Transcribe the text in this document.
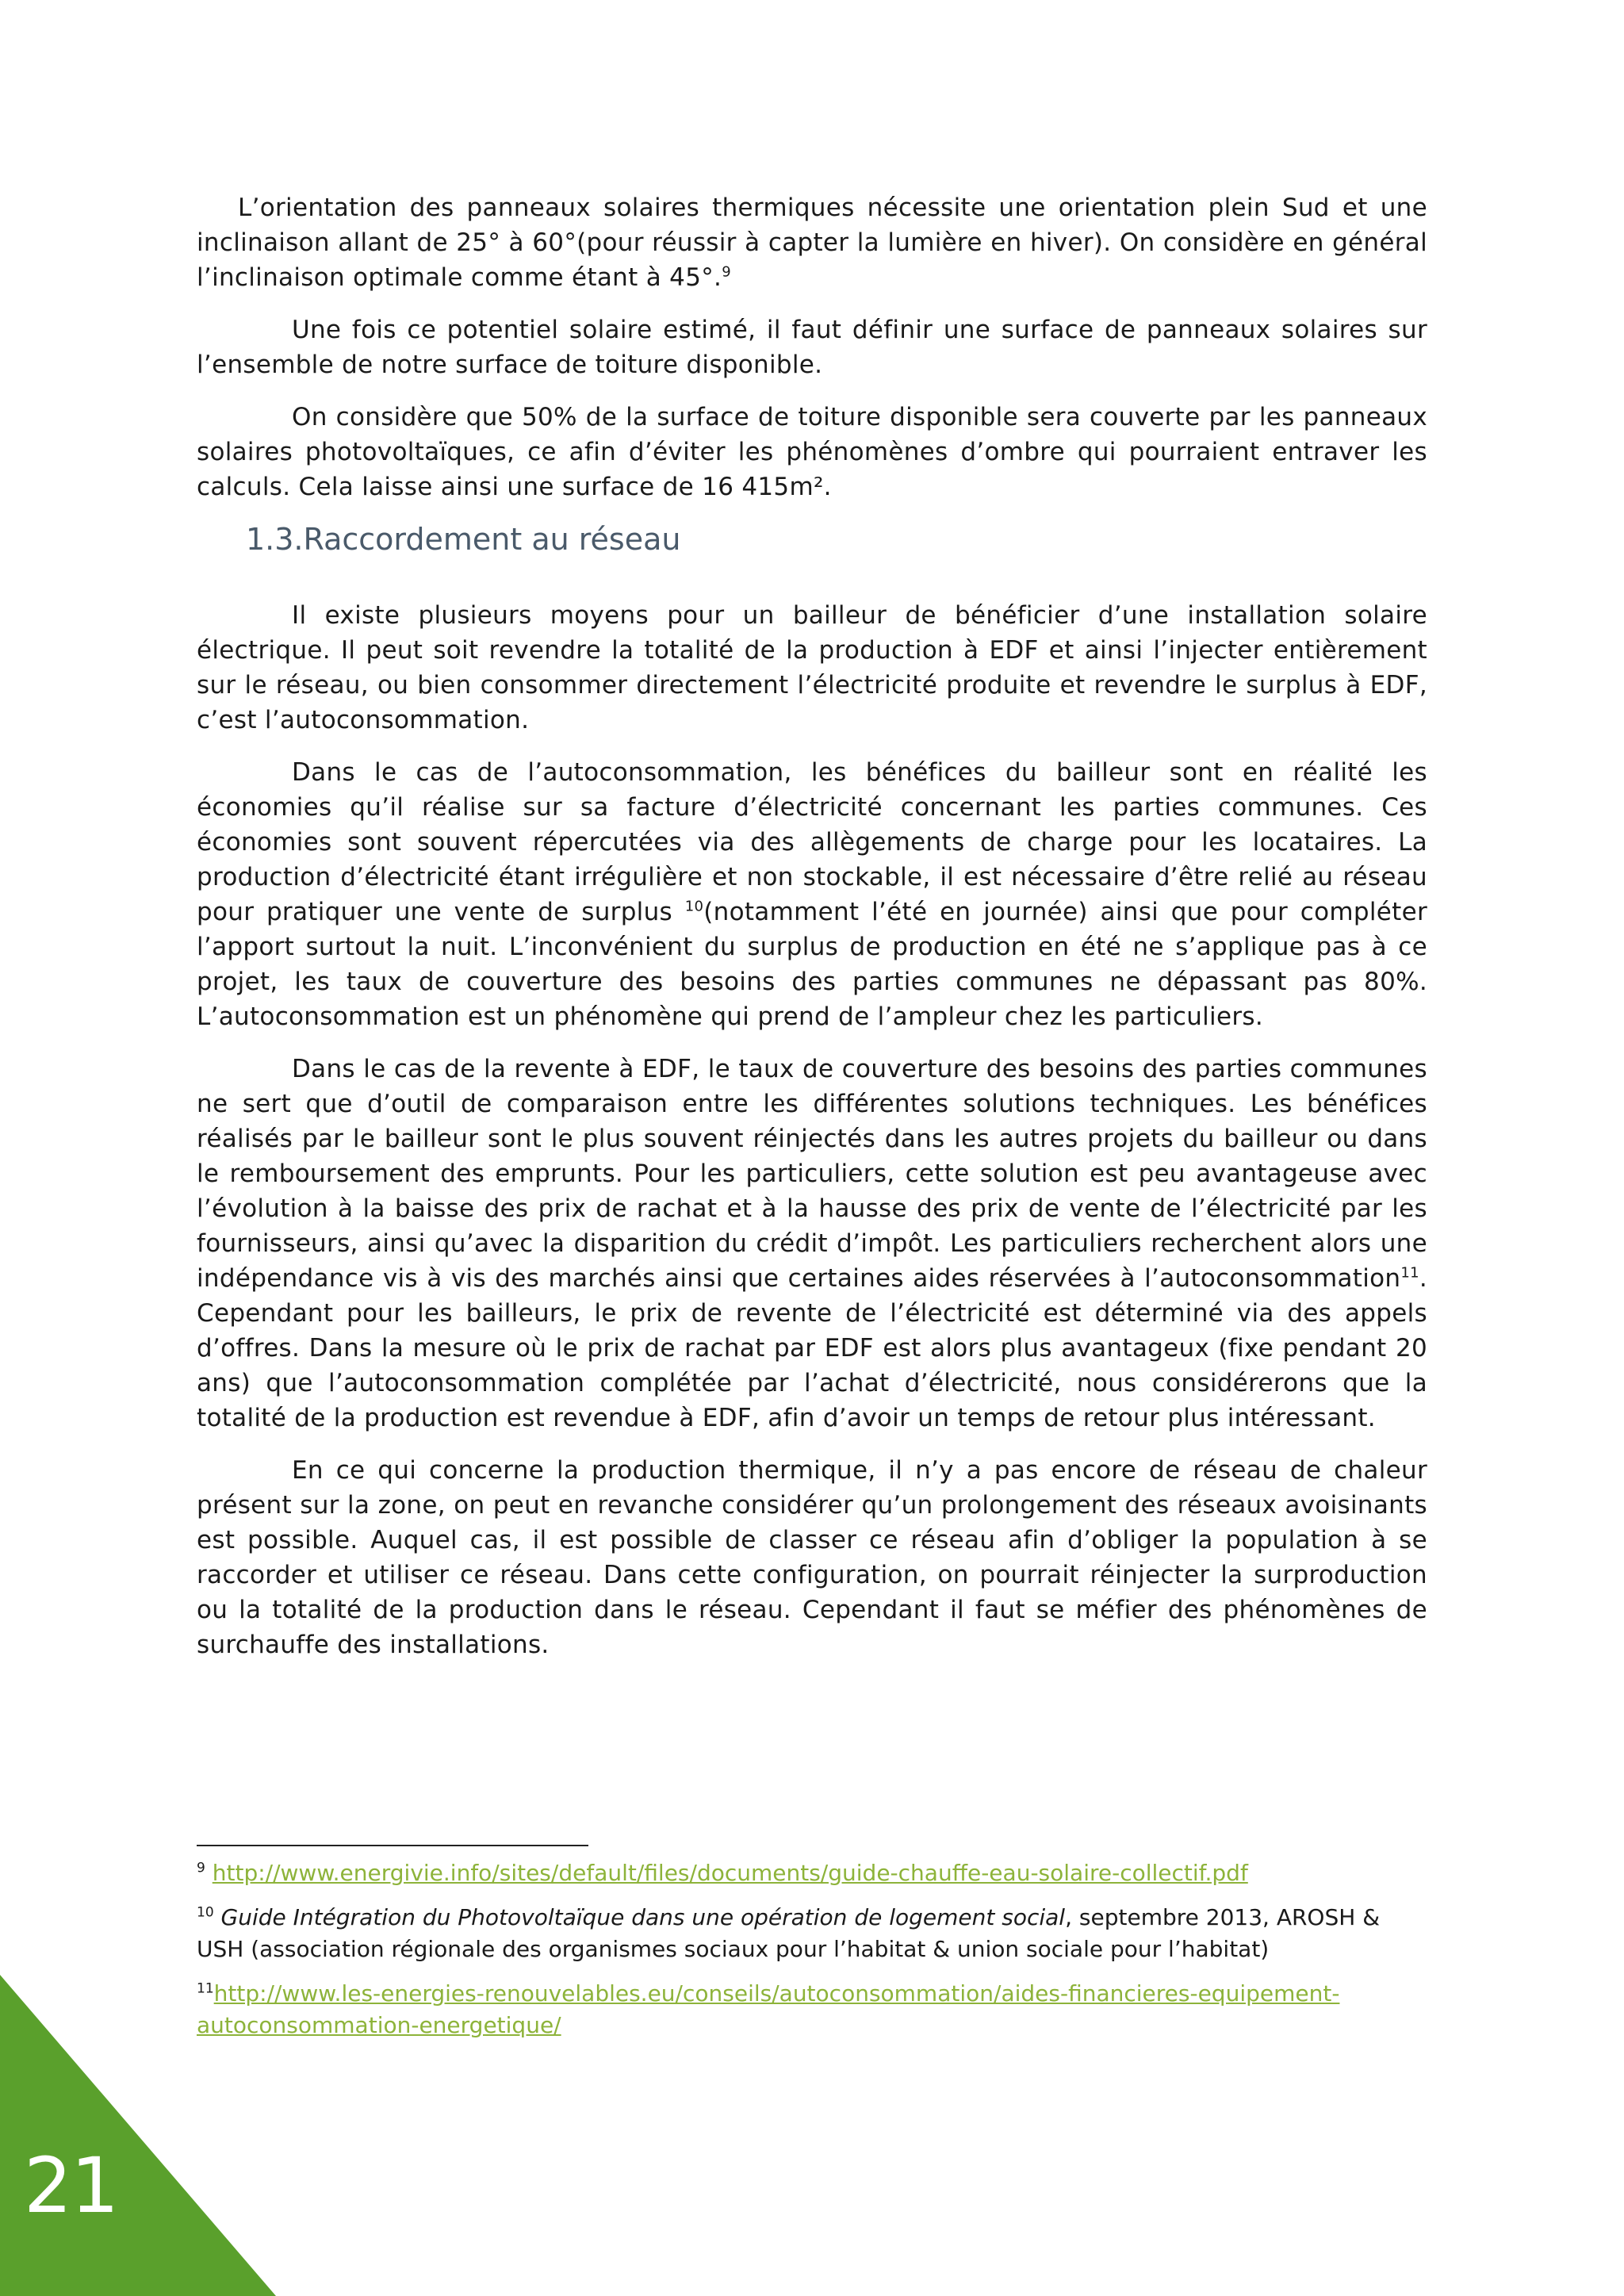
L’orientation des panneaux solaires thermiques nécessite une orientation plein Sud et une inclinaison allant de 25° à 60°(pour réussir à capter la lumière en hiver). On considère en général l’inclinaison optimale comme étant à 45°.$^9$

Une fois ce potentiel solaire estimé, il faut définir une surface de panneaux solaires sur l’ensemble de notre surface de toiture disponible.

On considère que 50% de la surface de toiture disponible sera couverte par les panneaux solaires photovoltaïques, ce afin d’éviter les phénomènes d’ombre qui pourraient entraver les calculs. Cela laisse ainsi une surface de 16 415m².

1.3.Raccordement au réseau

Il existe plusieurs moyens pour un bailleur de bénéficier d’une installation solaire électrique. Il peut soit revendre la totalité de la production à EDF et ainsi l’injecter entièrement sur le réseau, ou bien consommer directement l’électricité produite et revendre le surplus à EDF, c’est l’autoconsommation.

Dans le cas de l’autoconsommation, les bénéfices du bailleur sont en réalité les économies qu’il réalise sur sa facture d’électricité concernant les parties communes. Ces économies sont souvent répercutées via des allègements de charge pour les locataires. La production d’électricité étant irrégulière et non stockable, il est nécessaire d’être relié au réseau pour pratiquer une vente de surplus $^{10}$(notamment l’été en journée) ainsi que pour compléter l’apport surtout la nuit. L’inconvénient du surplus de production en été ne s’applique pas à ce projet, les taux de couverture des besoins des parties communes ne dépassant pas 80%. L’autoconsommation est un phénomène qui prend de l’ampleur chez les particuliers.

Dans le cas de la revente à EDF, le taux de couverture des besoins des parties communes ne sert que d’outil de comparaison entre les différentes solutions techniques. Les bénéfices réalisés par le bailleur sont le plus souvent réinjectés dans les autres projets du bailleur ou dans le remboursement des emprunts. Pour les particuliers, cette solution est peu avantageuse avec l’évolution à la baisse des prix de rachat et à la hausse des prix de vente de l’électricité par les fournisseurs, ainsi qu’avec la disparition du crédit d’impôt. Les particuliers recherchent alors une indépendance vis à vis des marchés ainsi que certaines aides réservées à l’autoconsommation$^{11}$. Cependant pour les bailleurs, le prix de revente de l’électricité est déterminé via des appels d’offres. Dans la mesure où le prix de rachat par EDF est alors plus avantageux (fixe pendant 20 ans) que l’autoconsommation complétée par l’achat d’électricité, nous considérerons que la totalité de la production est revendue à EDF, afin d’avoir un temps de retour plus intéressant.

En ce qui concerne la production thermique, il n’y a pas encore de réseau de chaleur présent sur la zone, on peut en revanche considérer qu’un prolongement des réseaux avoisinants est possible. Auquel cas, il est possible de classer ce réseau afin d’obliger la population à se raccorder et utiliser ce réseau. Dans cette configuration, on pourrait réinjecter la surproduction ou la totalité de la production dans le réseau. Cependant il faut se méfier des phénomènes de surchauffe des installations.

$^9$ http://www.energivie.info/sites/default/files/documents/guide-chauffe-eau-solaire-collectif.pdf

$^{10}$ Guide Intégration du Photovoltaïque dans une opération de logement social, septembre 2013, AROSH & USH (association régionale des organismes sociaux pour l’habitat & union sociale pour l’habitat)

$^{11}$http://www.les-energies-renouvelables.eu/conseils/autoconsommation/aides-financieres-equipement-autoconsommation-energetique/

21
